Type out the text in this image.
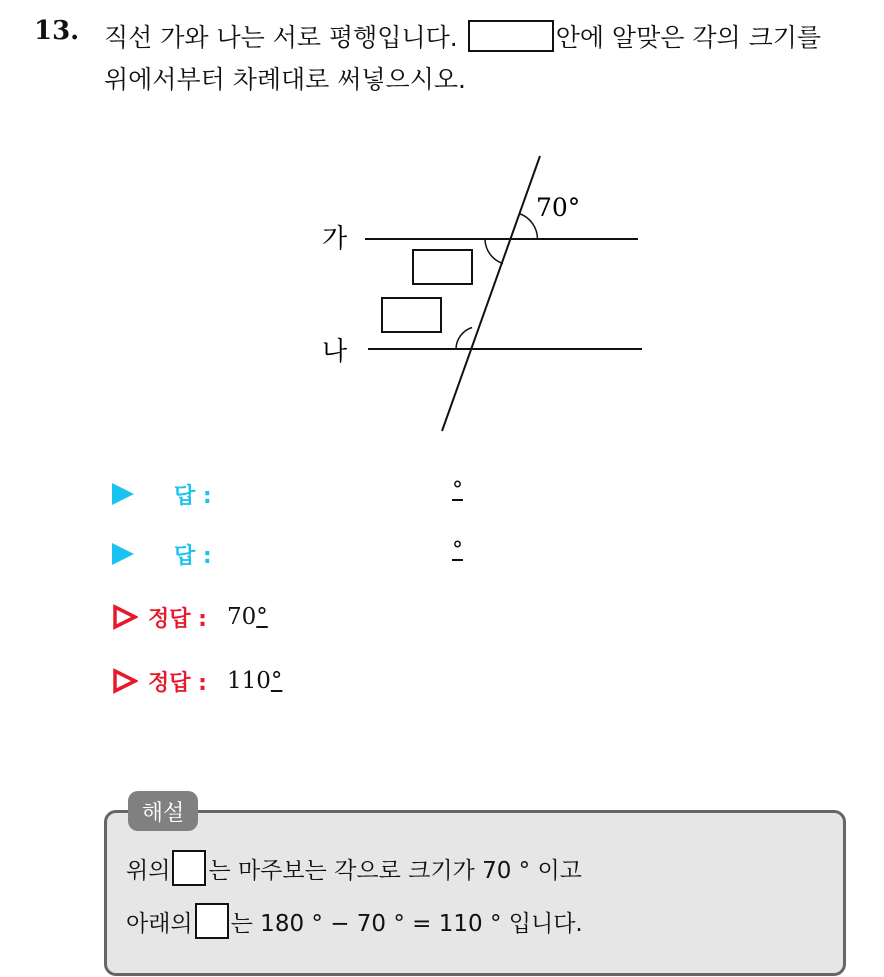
13. 직선 가와 나는 서로 평행입니다.	안에 알맞은 각의 크기를
위에서부터 차례대로 써넣으시오.
70°
가
나
답 :	°
답 :	°
정답 : 70°
정답 : 110°
해설
위의 는 마주보는 각으로 크기가 70 ° 이고
아래의 는 180 ° − 70 ° = 110 ° 입니다.
